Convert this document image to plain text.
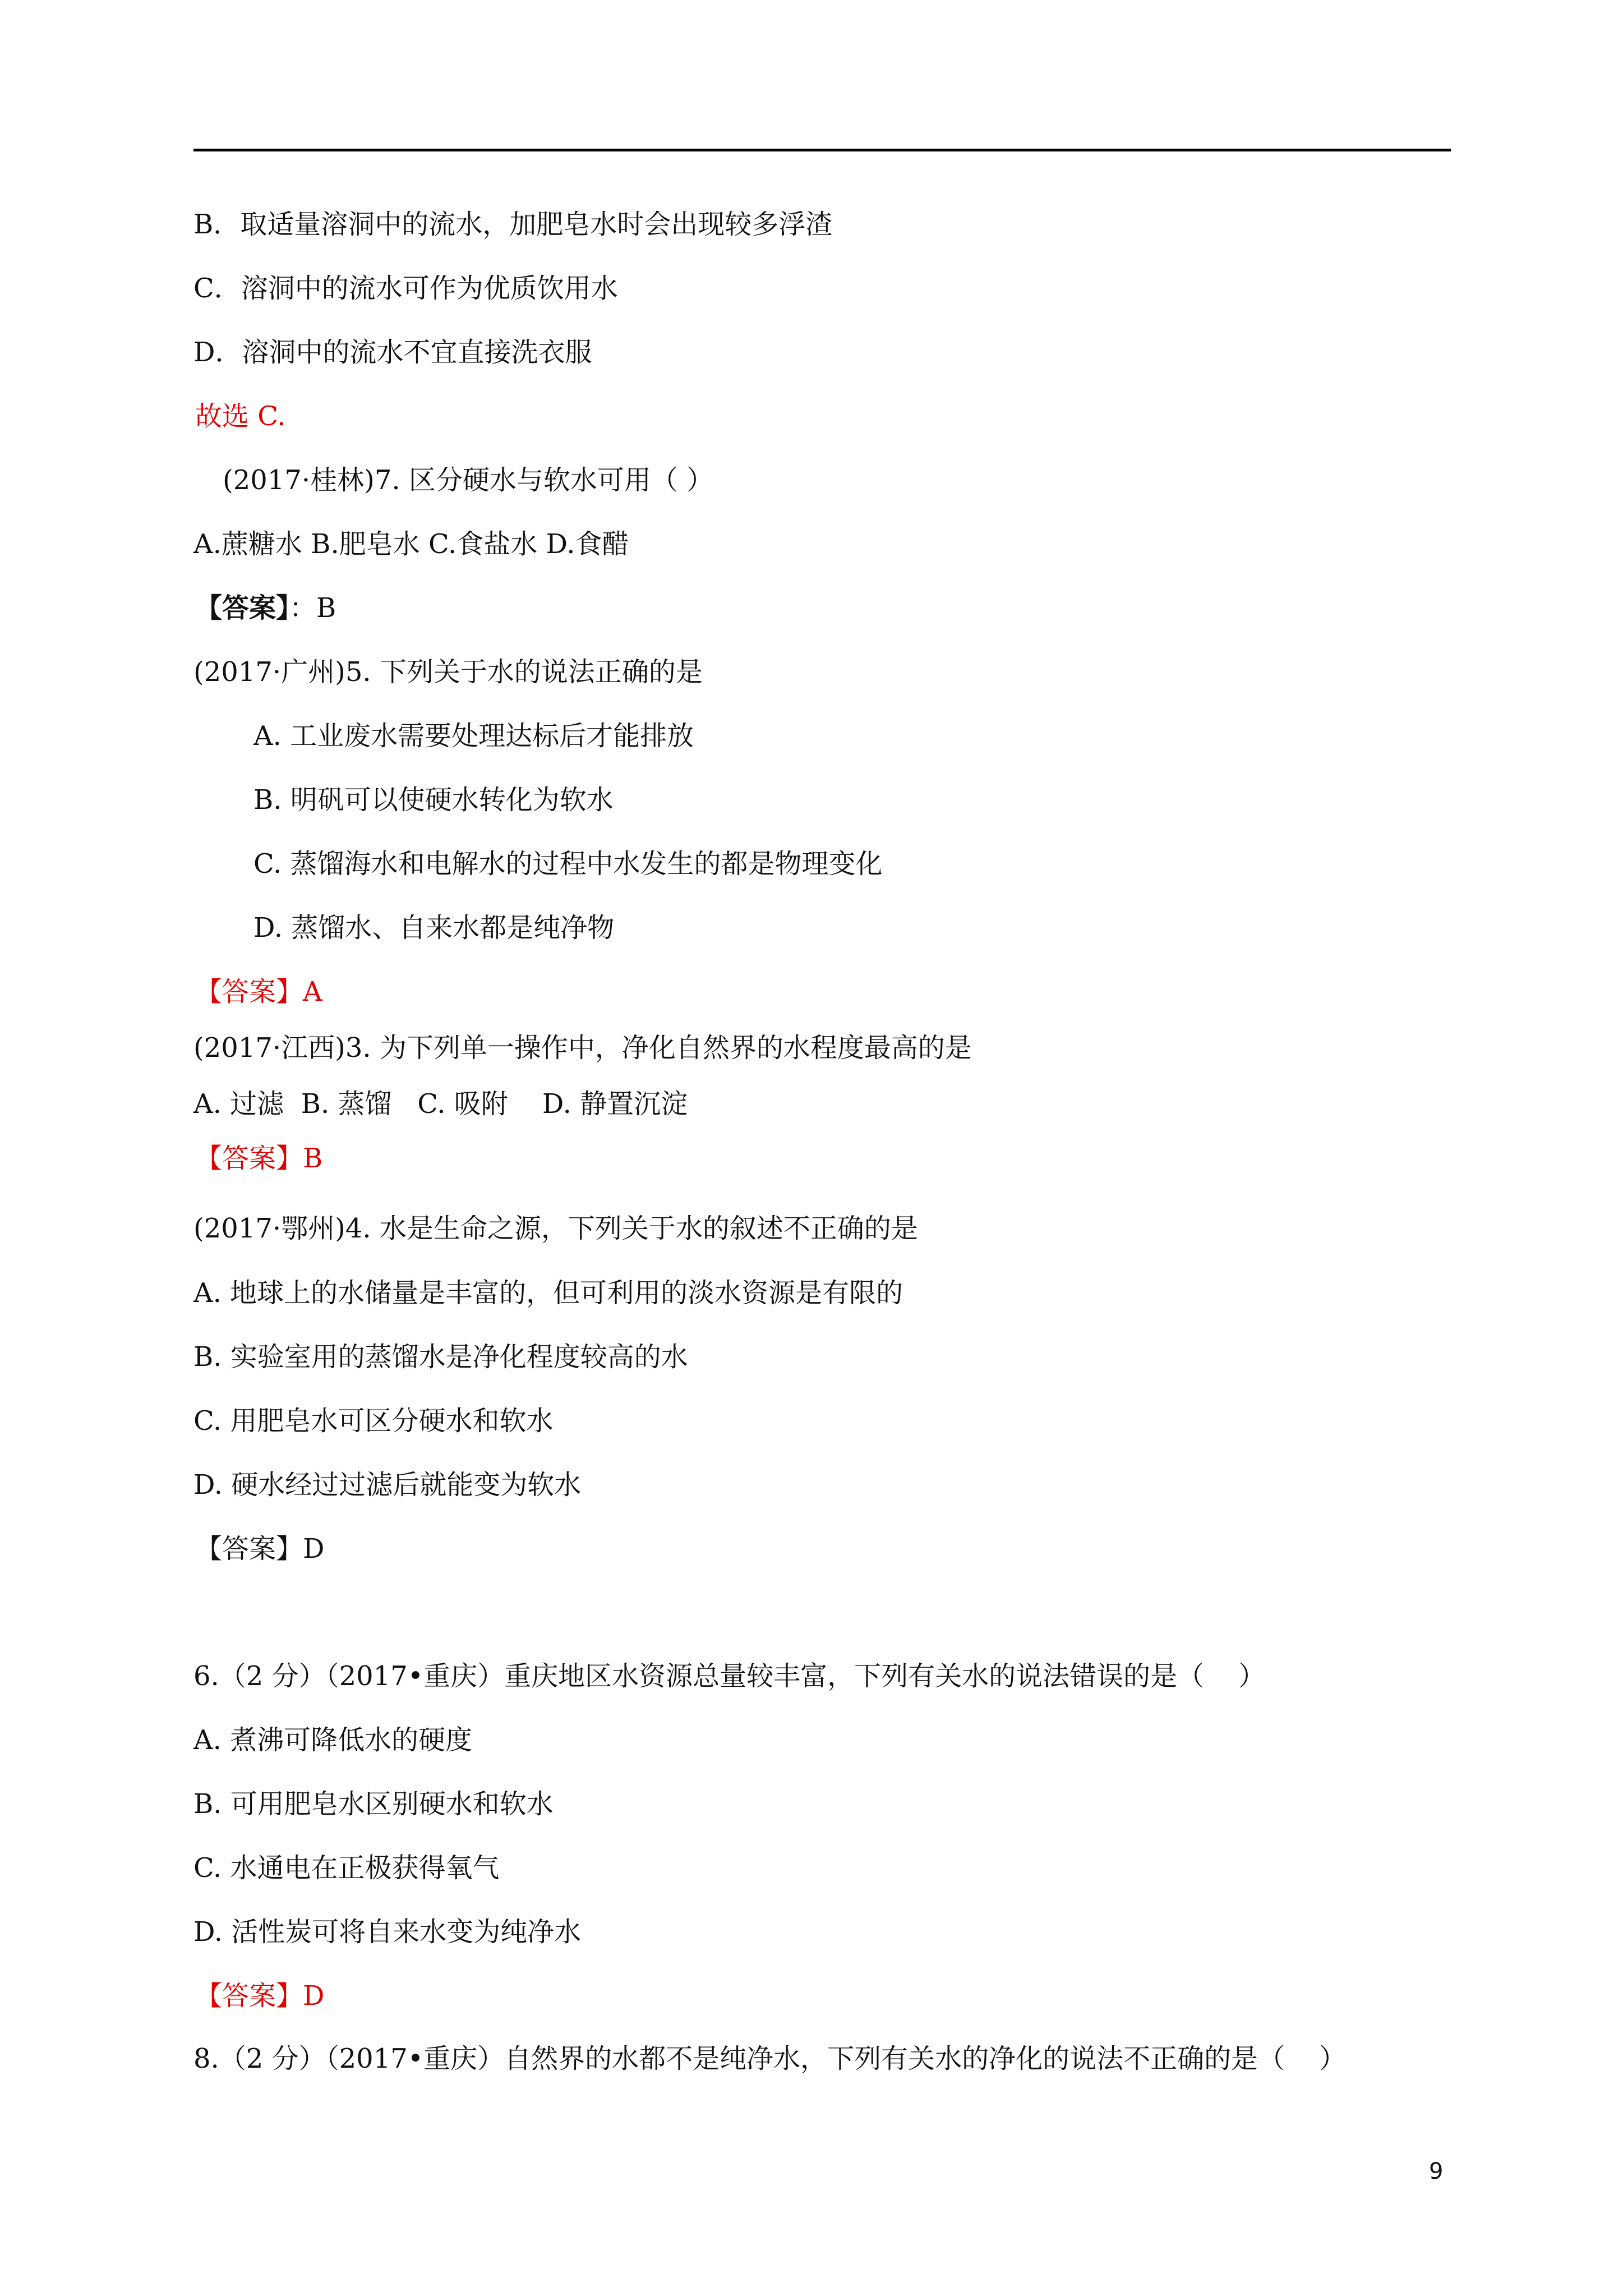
B．取适量溶洞中的流水，加肥皂水时会出现较多浮渣
C．溶洞中的流水可作为优质饮用水
D．溶洞中的流水不宜直接洗衣服
故选 C.
(2017·桂林)7. 区分硬水与软水可用（ ）
A.蔗糖水 B.肥皂水 C.食盐水 D.食醋
【答案】：B
(2017·广州)5. 下列关于水的说法正确的是
A. 工业废水需要处理达标后才能排放
B. 明矾可以使硬水转化为软水
C. 蒸馏海水和电解水的过程中水发生的都是物理变化
D. 蒸馏水、自来水都是纯净物
【答案】A
(2017·江西)3. 为下列单一操作中，净化自然界的水程度最高的是
A. 过滤  B. 蒸馏   C. 吸附    D. 静置沉淀
【答案】B
(2017·鄂州)4. 水是生命之源，下列关于水的叙述不正确的是
A. 地球上的水储量是丰富的，但可利用的淡水资源是有限的
B. 实验室用的蒸馏水是净化程度较高的水
C. 用肥皂水可区分硬水和软水
D. 硬水经过过滤后就能变为软水
【答案】D
6.（2 分）（2017•重庆）重庆地区水资源总量较丰富，下列有关水的说法错误的是（    ）
A. 煮沸可降低水的硬度
B. 可用肥皂水区别硬水和软水
C. 水通电在正极获得氧气
D. 活性炭可将自来水变为纯净水
【答案】D
8.（2 分）（2017•重庆）自然界的水都不是纯净水，下列有关水的净化的说法不正确的是（    ）
9
